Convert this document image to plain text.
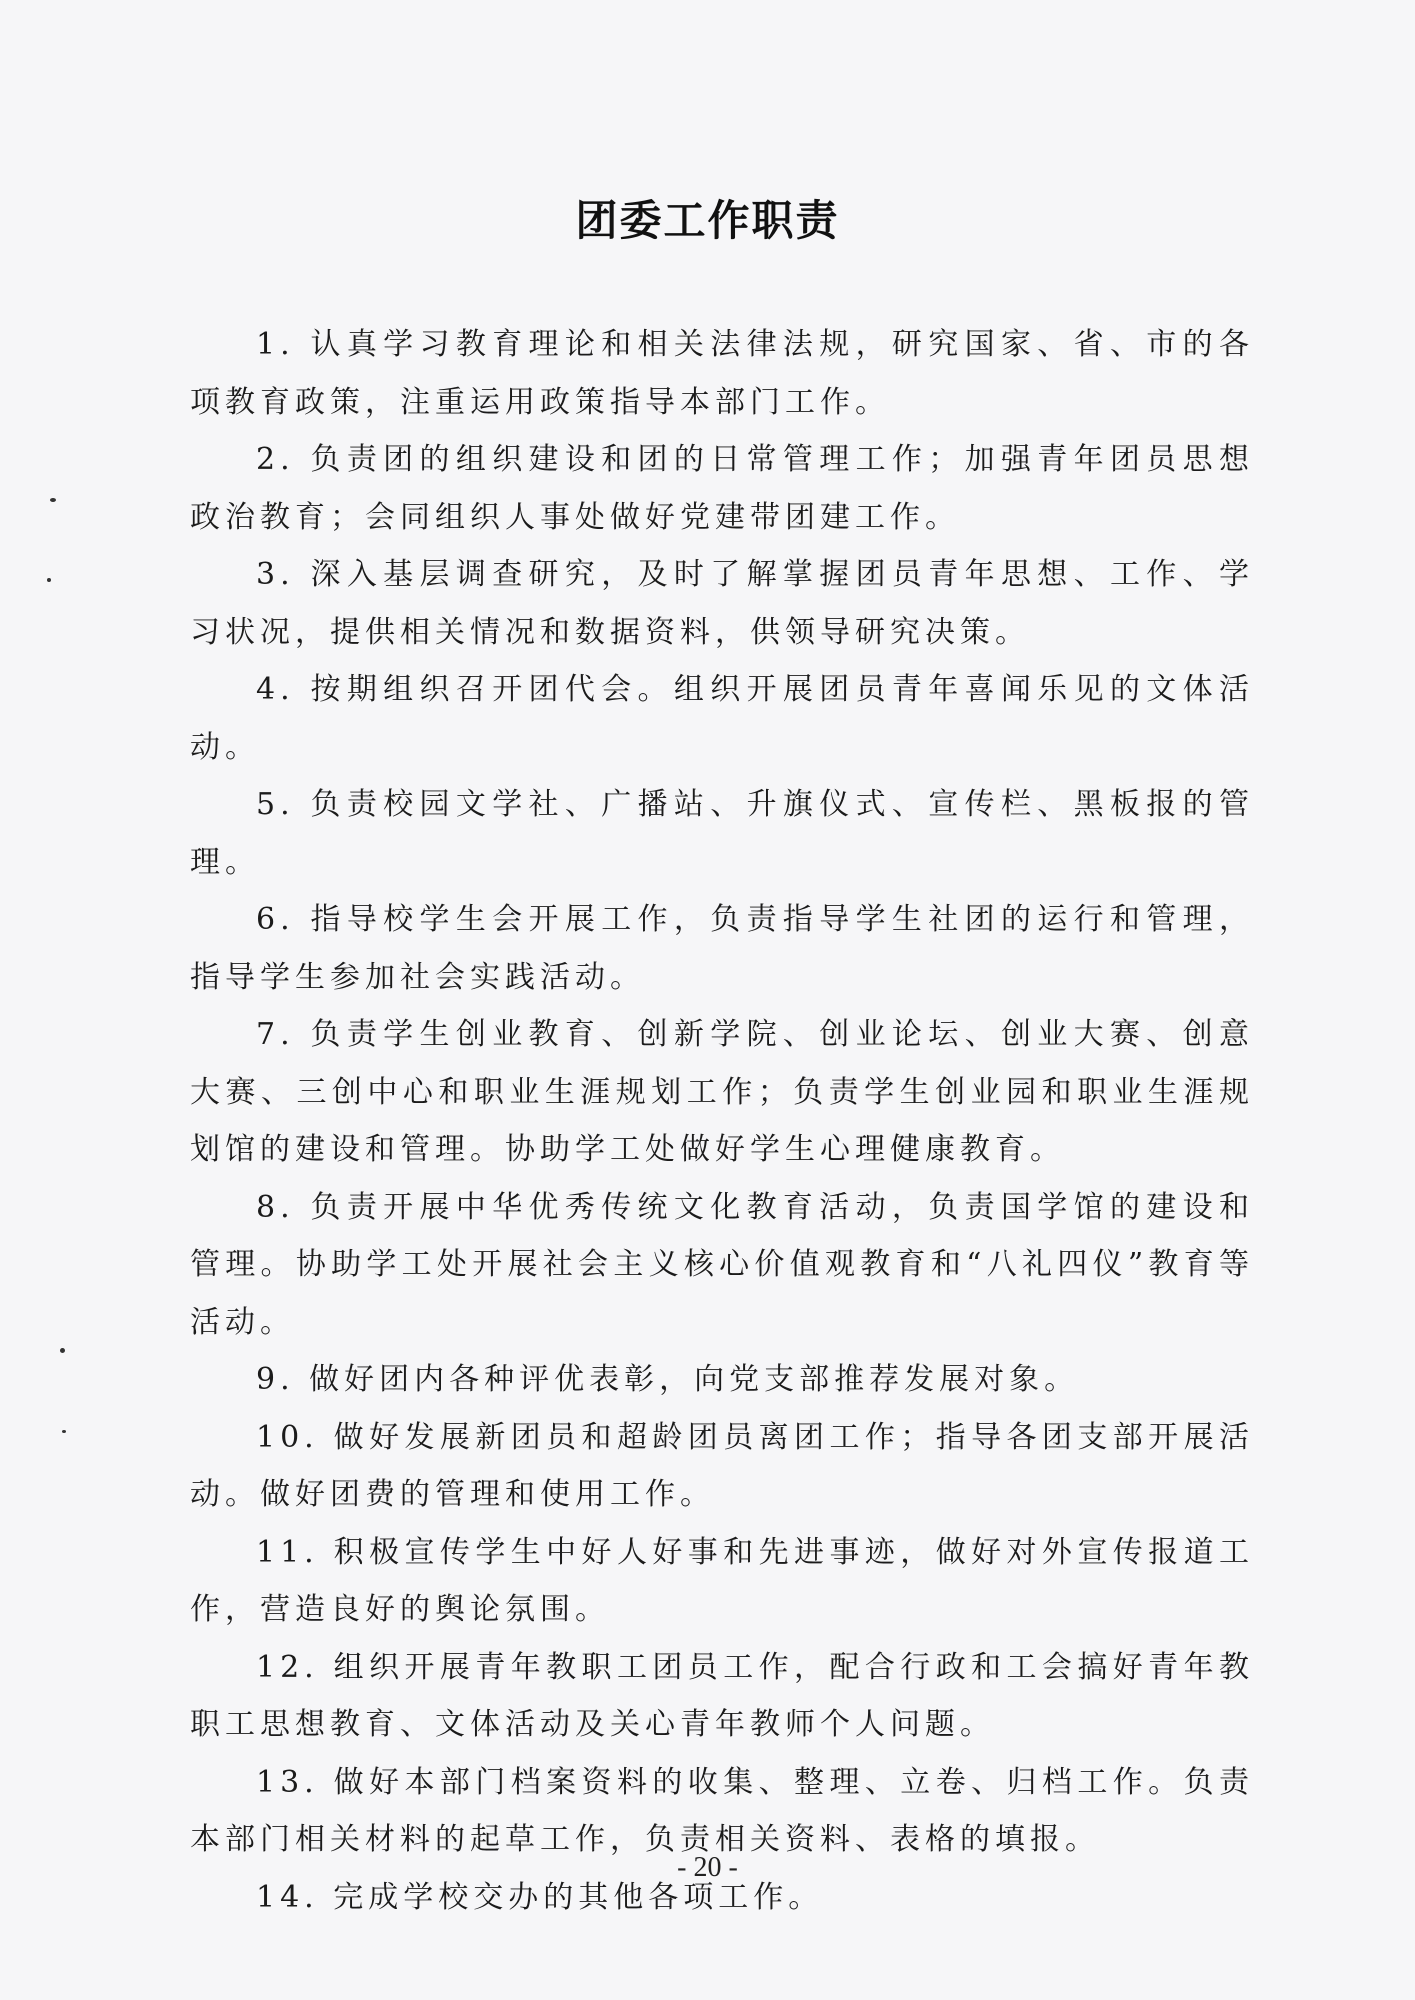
团委工作职责

1. 认真学习教育理论和相关法律法规，研究国家、省、市的各项教育政策，注重运用政策指导本部门工作。

2. 负责团的组织建设和团的日常管理工作；加强青年团员思想政治教育；会同组织人事处做好党建带团建工作。

3. 深入基层调查研究，及时了解掌握团员青年思想、工作、学习状况，提供相关情况和数据资料，供领导研究决策。

4. 按期组织召开团代会。组织开展团员青年喜闻乐见的文体活动。

5. 负责校园文学社、广播站、升旗仪式、宣传栏、黑板报的管理。

6. 指导校学生会开展工作，负责指导学生社团的运行和管理，指导学生参加社会实践活动。

7. 负责学生创业教育、创新学院、创业论坛、创业大赛、创意大赛、三创中心和职业生涯规划工作；负责学生创业园和职业生涯规划馆的建设和管理。协助学工处做好学生心理健康教育。

8. 负责开展中华优秀传统文化教育活动，负责国学馆的建设和管理。协助学工处开展社会主义核心价值观教育和“八礼四仪”教育等活动。

9. 做好团内各种评优表彰，向党支部推荐发展对象。

10. 做好发展新团员和超龄团员离团工作；指导各团支部开展活动。做好团费的管理和使用工作。

11. 积极宣传学生中好人好事和先进事迹，做好对外宣传报道工作，营造良好的舆论氛围。

12. 组织开展青年教职工团员工作，配合行政和工会搞好青年教职工思想教育、文体活动及关心青年教师个人问题。

13. 做好本部门档案资料的收集、整理、立卷、归档工作。负责本部门相关材料的起草工作，负责相关资料、表格的填报。

14. 完成学校交办的其他各项工作。

- 20 -
